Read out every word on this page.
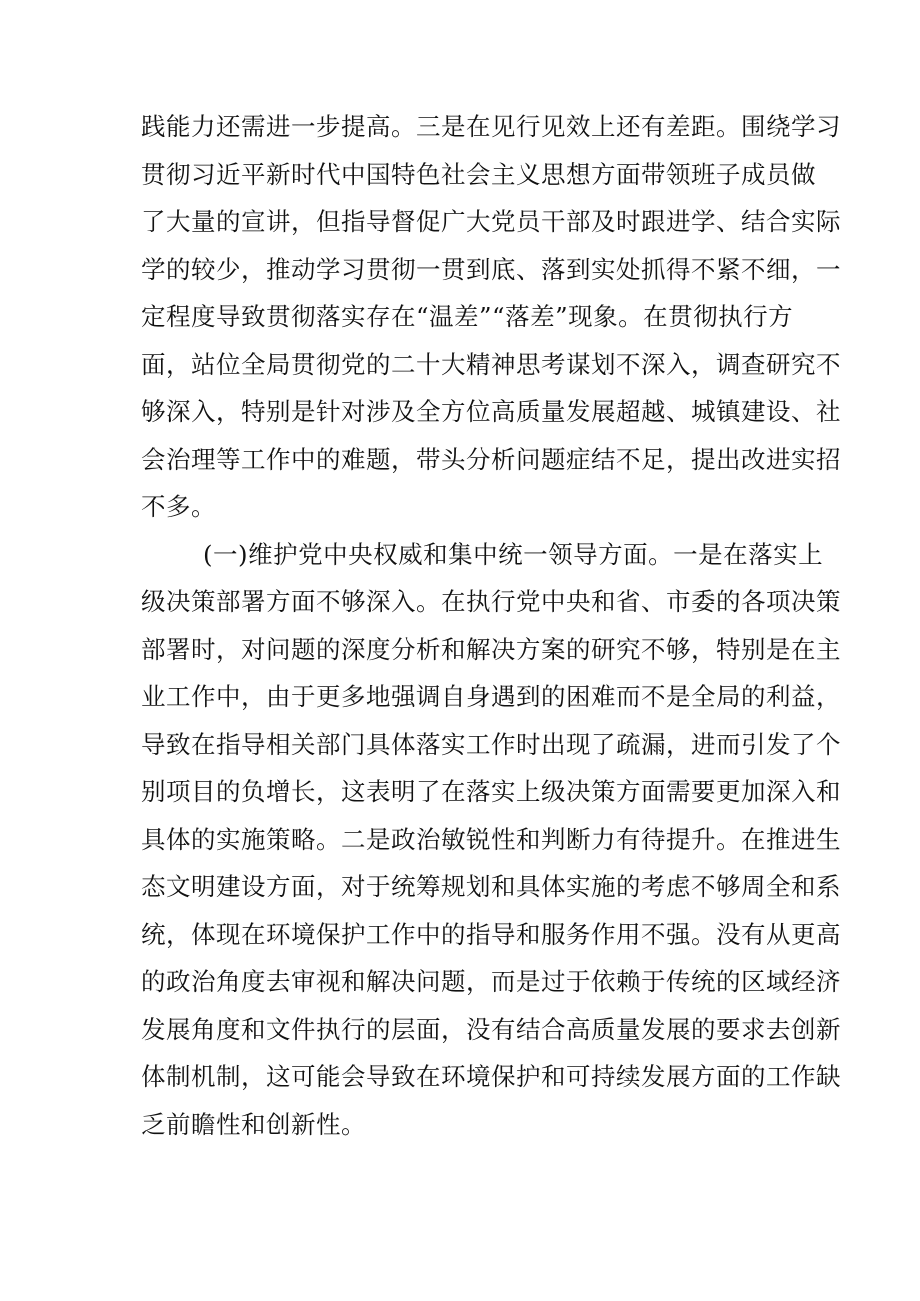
践能力还需进一步提高。三是在见行见效上还有差距。围绕学习
贯彻习近平新时代中国特色社会主义思想方面带领班子成员做
了大量的宣讲，但指导督促广大党员干部及时跟进学、结合实际
学的较少，推动学习贯彻一贯到底、落到实处抓得不紧不细，一
定程度导致贯彻落实存在“温差”“落差”现象。在贯彻执行方
面，站位全局贯彻党的二十大精神思考谋划不深入，调查研究不
够深入，特别是针对涉及全方位高质量发展超越、城镇建设、社
会治理等工作中的难题，带头分析问题症结不足，提出改进实招
不多。
(一)维护党中央权威和集中统一领导方面。一是在落实上
级决策部署方面不够深入。在执行党中央和省、市委的各项决策
部署时，对问题的深度分析和解决方案的研究不够，特别是在主
业工作中，由于更多地强调自身遇到的困难而不是全局的利益，
导致在指导相关部门具体落实工作时出现了疏漏，进而引发了个
别项目的负增长，这表明了在落实上级决策方面需要更加深入和
具体的实施策略。二是政治敏锐性和判断力有待提升。在推进生
态文明建设方面，对于统筹规划和具体实施的考虑不够周全和系
统，体现在环境保护工作中的指导和服务作用不强。没有从更高
的政治角度去审视和解决问题，而是过于依赖于传统的区域经济
发展角度和文件执行的层面，没有结合高质量发展的要求去创新
体制机制，这可能会导致在环境保护和可持续发展方面的工作缺
乏前瞻性和创新性。
